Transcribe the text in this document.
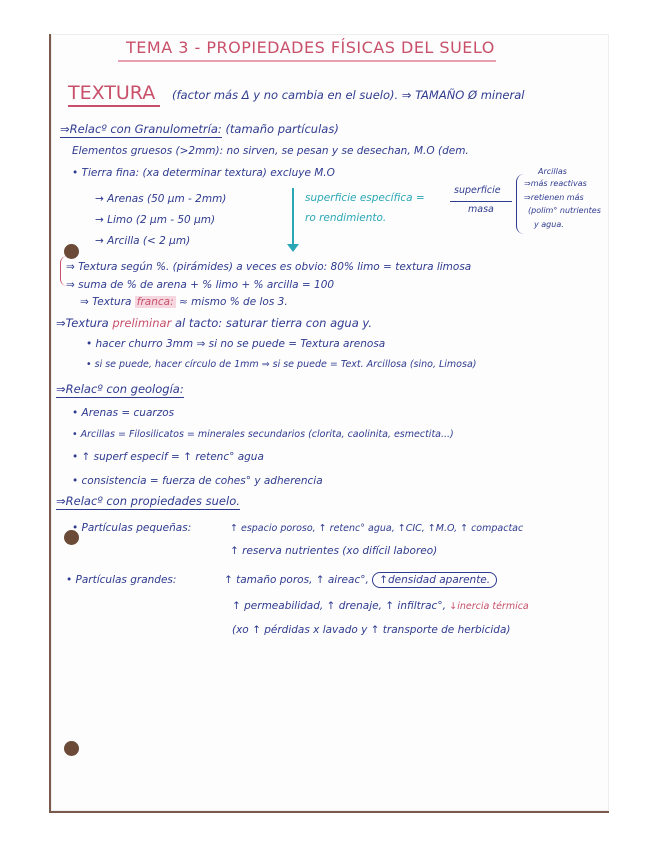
TEMA 3 - PROPIEDADES FÍSICAS DEL SUELO
TEXTURA (factor más Δ y no cambia en el suelo). ⇒ TAMAÑO Ø mineral
⇒Relacº con Granulometría: (tamaño partículas)
Elementos gruesos (>2mm): no sirven, se pesan y se desechan, M.O (dem.
• Tierra fina: (xa determinar textura) excluye M.O
→ Arenas (50 µm - 2mm)
→ Limo (2 µm - 50 µm)
→ Arcilla (< 2 µm)
superficie específica =
ro rendimiento.
superficie
masa
Arcillas
⇒más reactivas
⇒retienen más
(polim° nutrientes
y agua.
⇒ Textura según %. (pirámides) a veces es obvio: 80% limo = textura limosa
⇒ suma de % de arena + % limo + % arcilla = 100
⇒ Textura franca: ≈ mismo % de los 3.
⇒Textura preliminar al tacto: saturar tierra con agua y.
• hacer churro 3mm ⇒ si no se puede = Textura arenosa
• si se puede, hacer círculo de 1mm ⇒ si se puede = Text. Arcillosa (sino, Limosa)
⇒Relacº con geología:
• Arenas = cuarzos
• Arcillas = Filosilicatos = minerales secundarios (clorita, caolinita, esmectita...)
• ↑ superf especif = ↑ retenc° agua
• consistencia = fuerza de cohes° y adherencia
⇒Relacº con propiedades suelo.
• Partículas pequeñas:	↑ espacio poroso, ↑ retenc° agua, ↑CIC, ↑M.O, ↑ compactac
↑ reserva nutrientes (xo difícil laboreo)
• Partículas grandes:	↑ tamaño poros, ↑ aireac°, ↑densidad aparente.
↑ permeabilidad, ↑ drenaje, ↑ infiltrac°, ↓inercia térmica
(xo ↑ pérdidas x lavado y ↑ transporte de herbicida)
